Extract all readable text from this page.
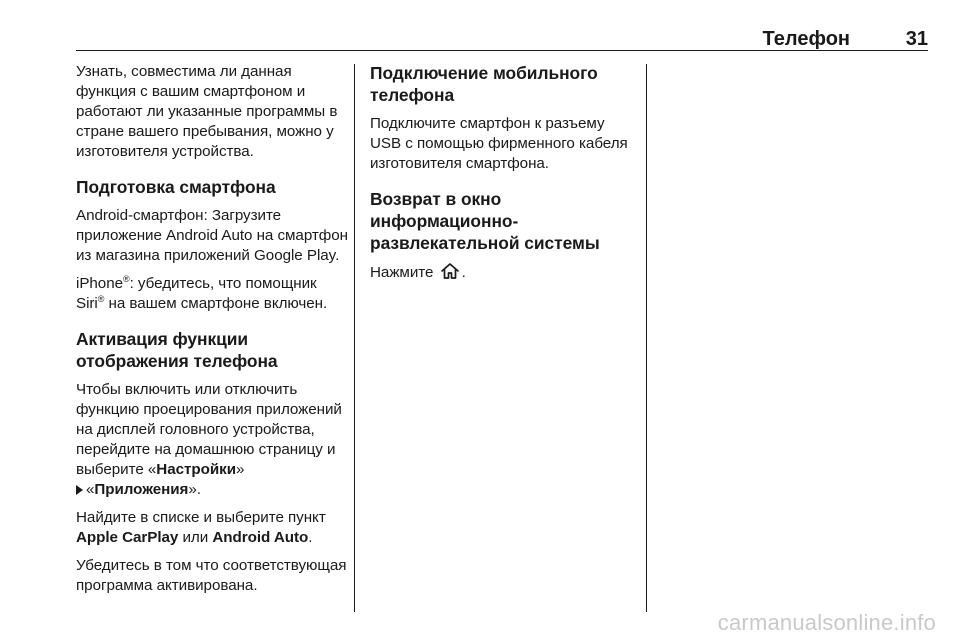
Телефон	31

Узнать, совместима ли данная функция с вашим смартфоном и работают ли указанные программы в стране вашего пребывания, можно у изготовителя устройства.

Подготовка смартфона

Android-смартфон: Загрузите приложение Android Auto на смартфон из магазина приложений Google Play.

iPhone®: убедитесь, что помощник
Siri® на вашем смартфоне включен.

Активация функции отображения телефона

Чтобы включить или отключить функцию проецирования приложений на дисплей головного устройства, перейдите на домашнюю страницу и выберите «Настройки»
«Приложения».

Найдите в списке и выберите пункт Apple CarPlay или Android Auto.

Убедитесь в том что соответствующая программа активирована.

Подключение мобильного телефона

Подключите смартфон к разъему USB с помощью фирменного кабеля изготовителя смартфона.

Возврат в окно информационно-развлекательной системы

Нажмите .

carmanualsonline.info
